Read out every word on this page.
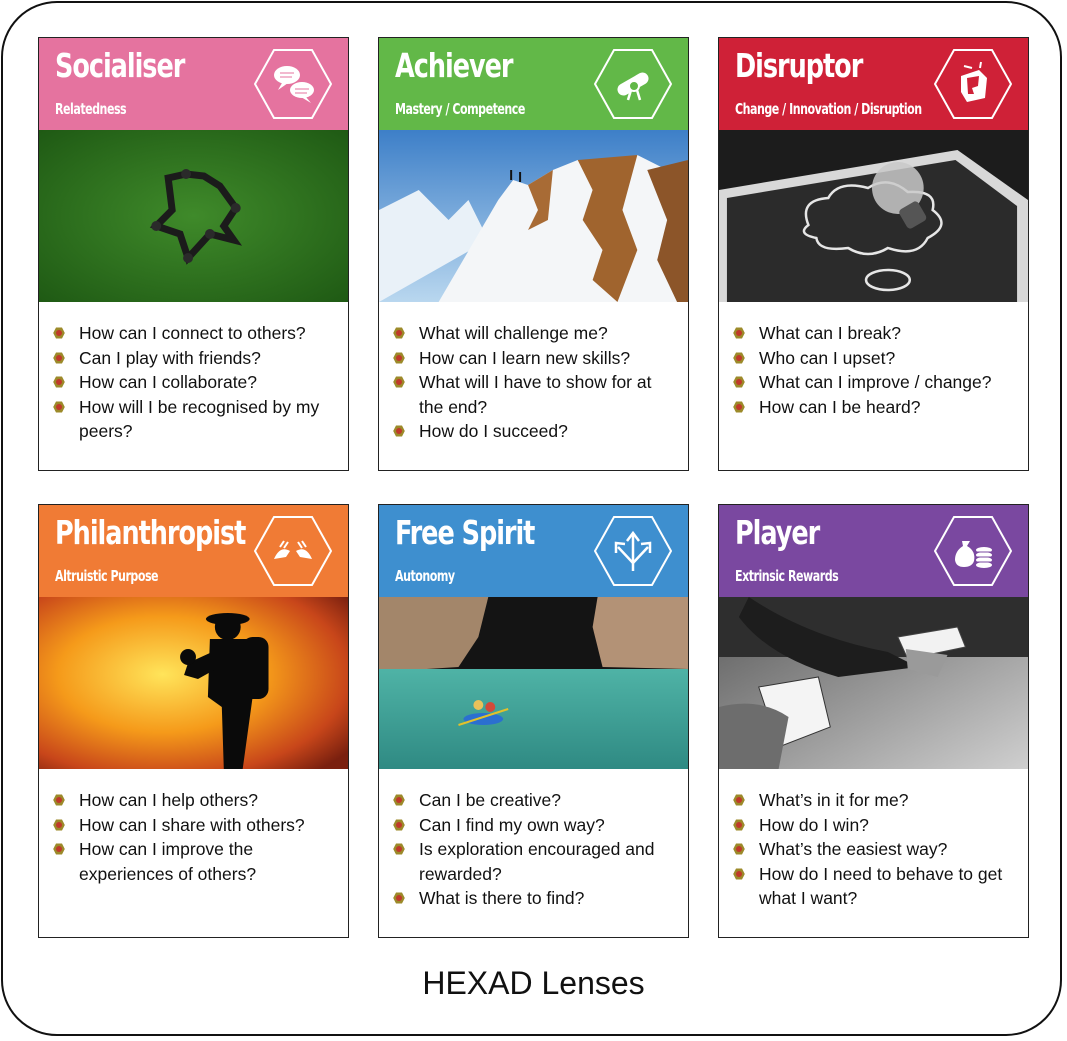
Socialiser
Relatedness
How can I connect to others?
Can I play with friends?
How can I collaborate?
How will I be recognised by my peers?
Achiever
Mastery / Competence
What will challenge me?
How can I learn new skills?
What will I have to show for at the end?
How do I succeed?
Disruptor
Change / Innovation / Disruption
What can I break?
Who can I upset?
What can I improve / change?
How can I be heard?
Philanthropist
Altruistic Purpose
How can I help others?
How can I share with others?
How can I improve the experiences of others?
Free Spirit
Autonomy
Can I be creative?
Can I find my own way?
Is exploration encouraged and rewarded?
What is there to find?
Player
Extrinsic Rewards
What’s in it for me?
How do I win?
What’s the easiest way?
How do I need to behave to get what I want?
HEXAD Lenses
